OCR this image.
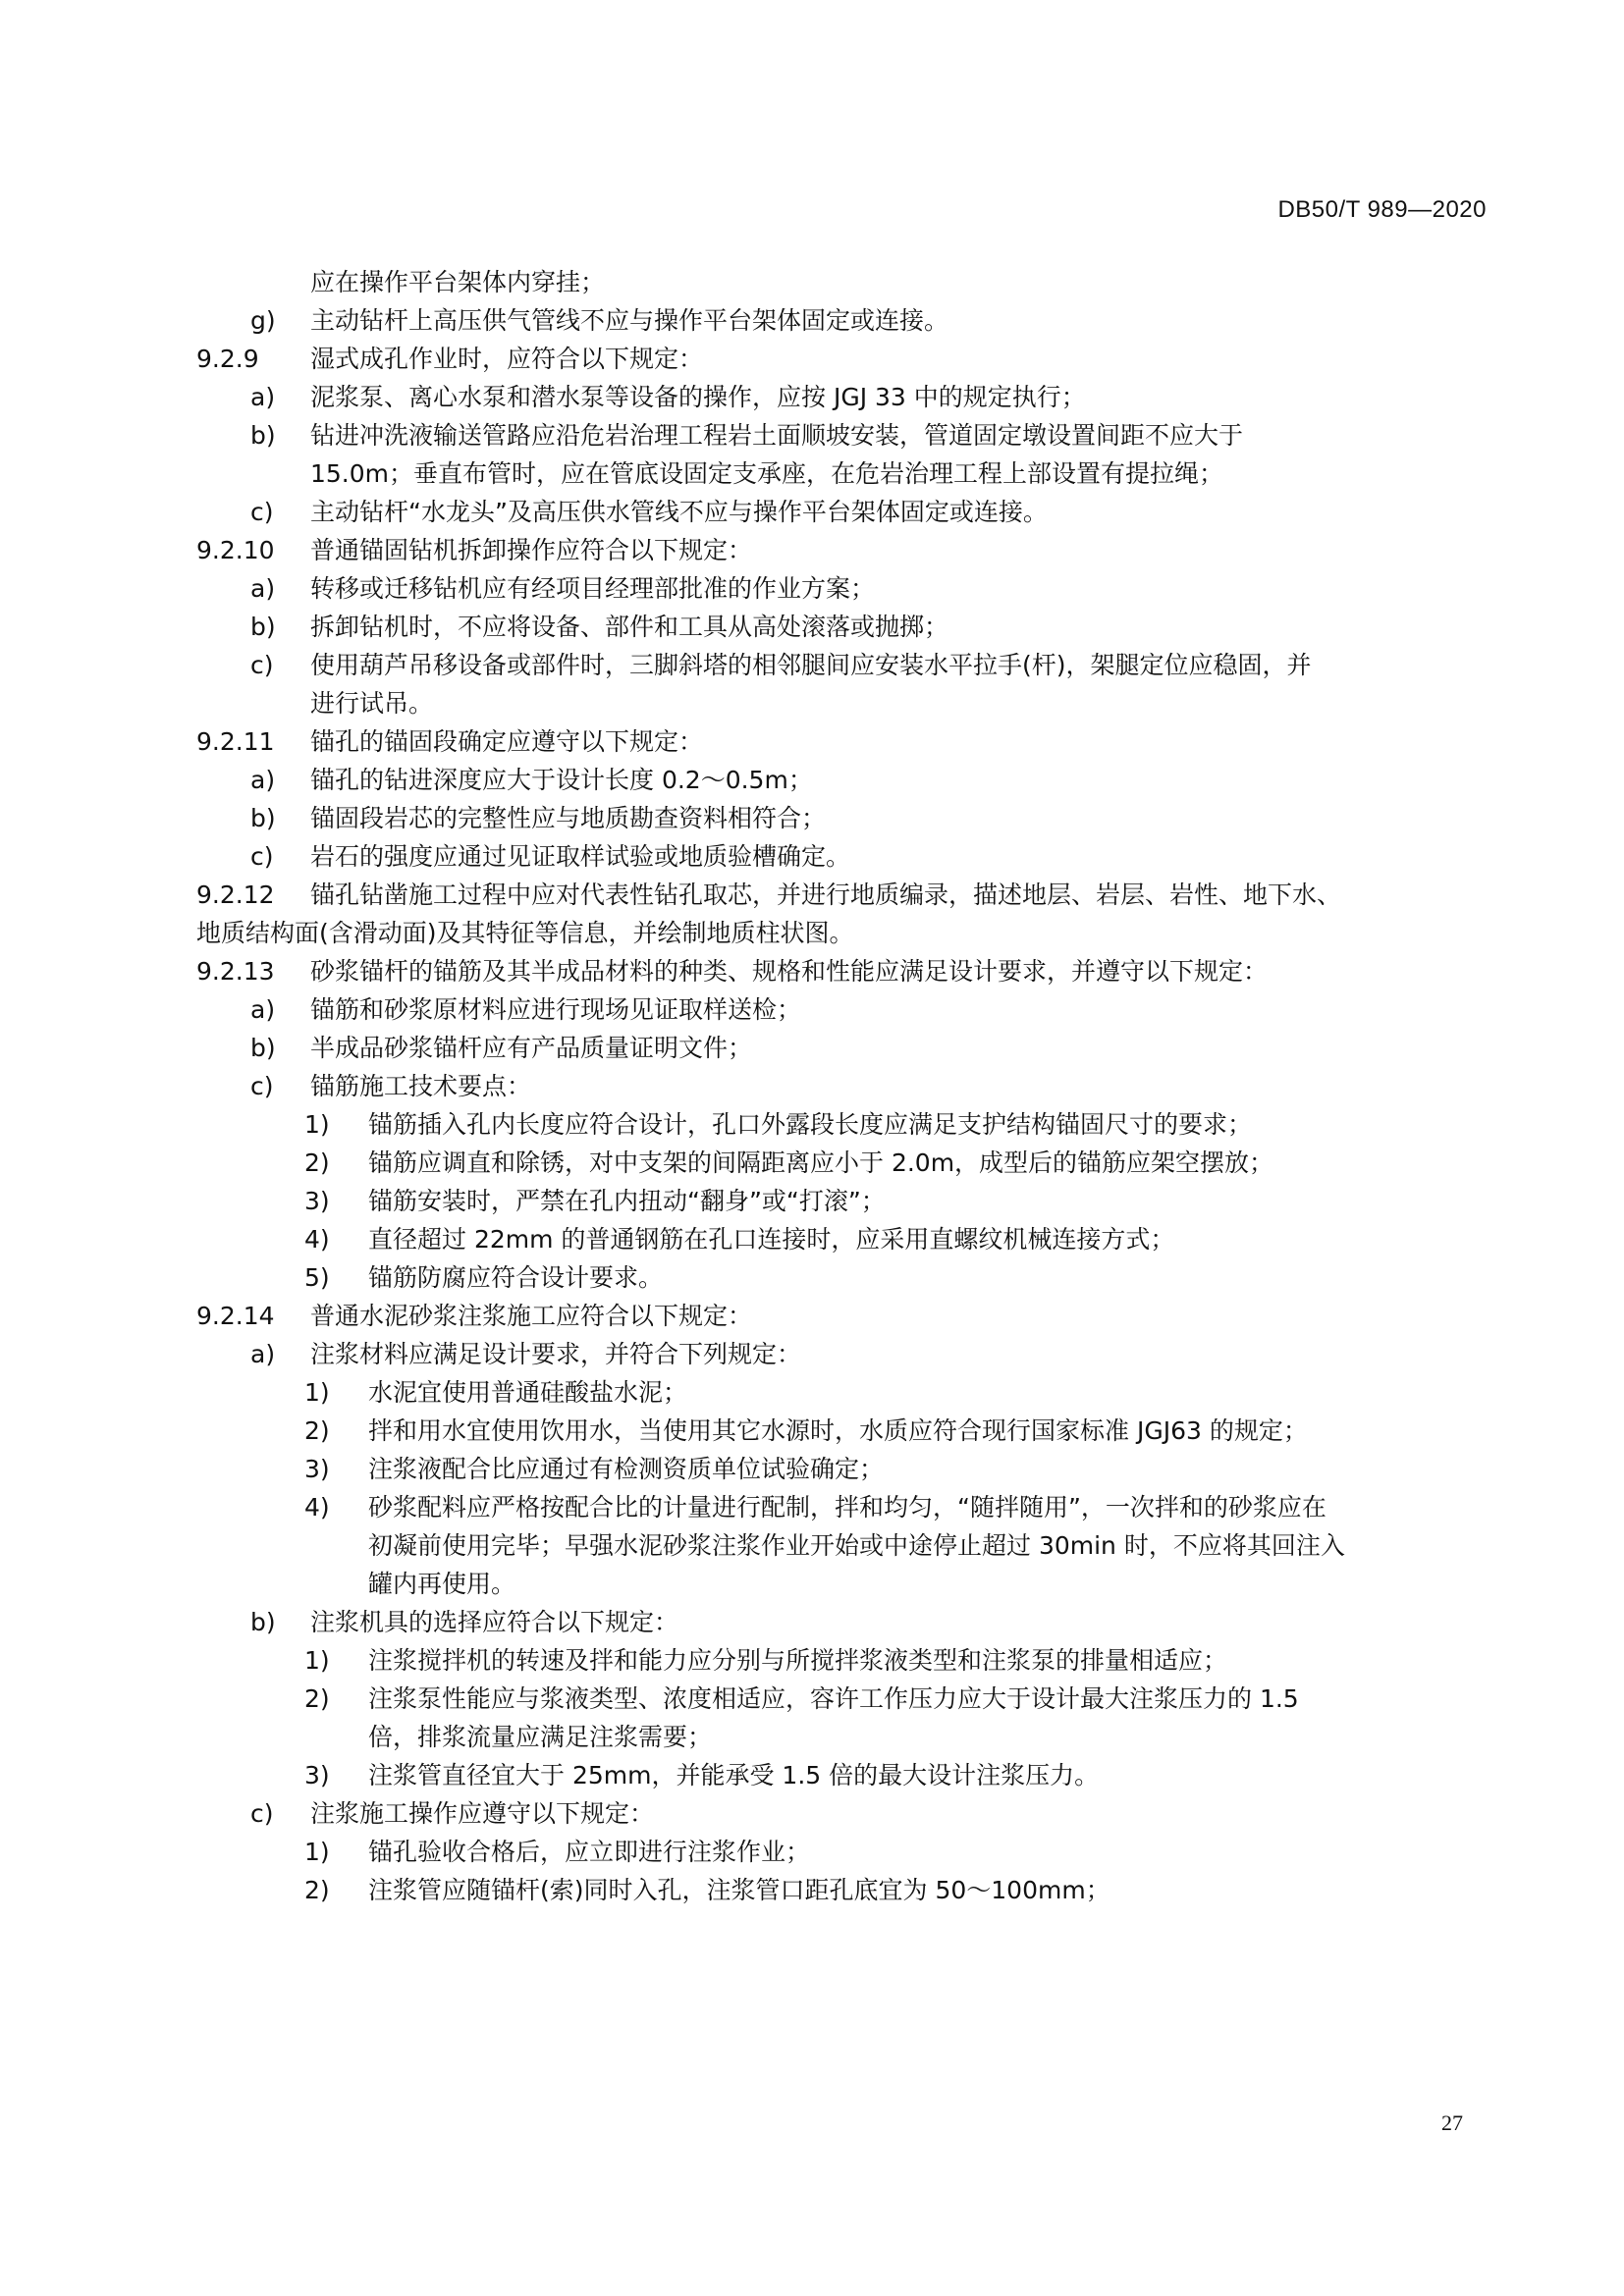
DB50/T 989—2020
应在操作平台架体内穿挂；
g) 主动钻杆上高压供气管线不应与操作平台架体固定或连接。
9.2.9 湿式成孔作业时，应符合以下规定：
a) 泥浆泵、离心水泵和潜水泵等设备的操作，应按 JGJ 33 中的规定执行；
b) 钻进冲洗液输送管路应沿危岩治理工程岩土面顺坡安装，管道固定墩设置间距不应大于
15.0m；垂直布管时，应在管底设固定支承座，在危岩治理工程上部设置有提拉绳；
c) 主动钻杆“水龙头”及高压供水管线不应与操作平台架体固定或连接。
9.2.10 普通锚固钻机拆卸操作应符合以下规定：
a) 转移或迁移钻机应有经项目经理部批准的作业方案；
b) 拆卸钻机时，不应将设备、部件和工具从高处滚落或抛掷；
c) 使用葫芦吊移设备或部件时，三脚斜塔的相邻腿间应安装水平拉手(杆)，架腿定位应稳固，并
进行试吊。
9.2.11 锚孔的锚固段确定应遵守以下规定：
a) 锚孔的钻进深度应大于设计长度 0.2～0.5m；
b) 锚固段岩芯的完整性应与地质勘查资料相符合；
c) 岩石的强度应通过见证取样试验或地质验槽确定。
9.2.12 锚孔钻凿施工过程中应对代表性钻孔取芯，并进行地质编录，描述地层、岩层、岩性、地下水、
地质结构面(含滑动面)及其特征等信息，并绘制地质柱状图。
9.2.13 砂浆锚杆的锚筋及其半成品材料的种类、规格和性能应满足设计要求，并遵守以下规定：
a) 锚筋和砂浆原材料应进行现场见证取样送检；
b) 半成品砂浆锚杆应有产品质量证明文件；
c) 锚筋施工技术要点：
1) 锚筋插入孔内长度应符合设计，孔口外露段长度应满足支护结构锚固尺寸的要求；
2) 锚筋应调直和除锈，对中支架的间隔距离应小于 2.0m，成型后的锚筋应架空摆放；
3) 锚筋安装时，严禁在孔内扭动“翻身”或“打滚”；
4) 直径超过 22mm 的普通钢筋在孔口连接时，应采用直螺纹机械连接方式；
5) 锚筋防腐应符合设计要求。
9.2.14 普通水泥砂浆注浆施工应符合以下规定：
a) 注浆材料应满足设计要求，并符合下列规定：
1) 水泥宜使用普通硅酸盐水泥；
2) 拌和用水宜使用饮用水，当使用其它水源时，水质应符合现行国家标准 JGJ63 的规定；
3) 注浆液配合比应通过有检测资质单位试验确定；
4) 砂浆配料应严格按配合比的计量进行配制，拌和均匀，“随拌随用”，一次拌和的砂浆应在
初凝前使用完毕；早强水泥砂浆注浆作业开始或中途停止超过 30min 时，不应将其回注入
罐内再使用。
b) 注浆机具的选择应符合以下规定：
1) 注浆搅拌机的转速及拌和能力应分别与所搅拌浆液类型和注浆泵的排量相适应；
2) 注浆泵性能应与浆液类型、浓度相适应，容许工作压力应大于设计最大注浆压力的 1.5
倍，排浆流量应满足注浆需要；
3) 注浆管直径宜大于 25mm，并能承受 1.5 倍的最大设计注浆压力。
c) 注浆施工操作应遵守以下规定：
1) 锚孔验收合格后，应立即进行注浆作业；
2) 注浆管应随锚杆(索)同时入孔，注浆管口距孔底宜为 50～100mm；
27
